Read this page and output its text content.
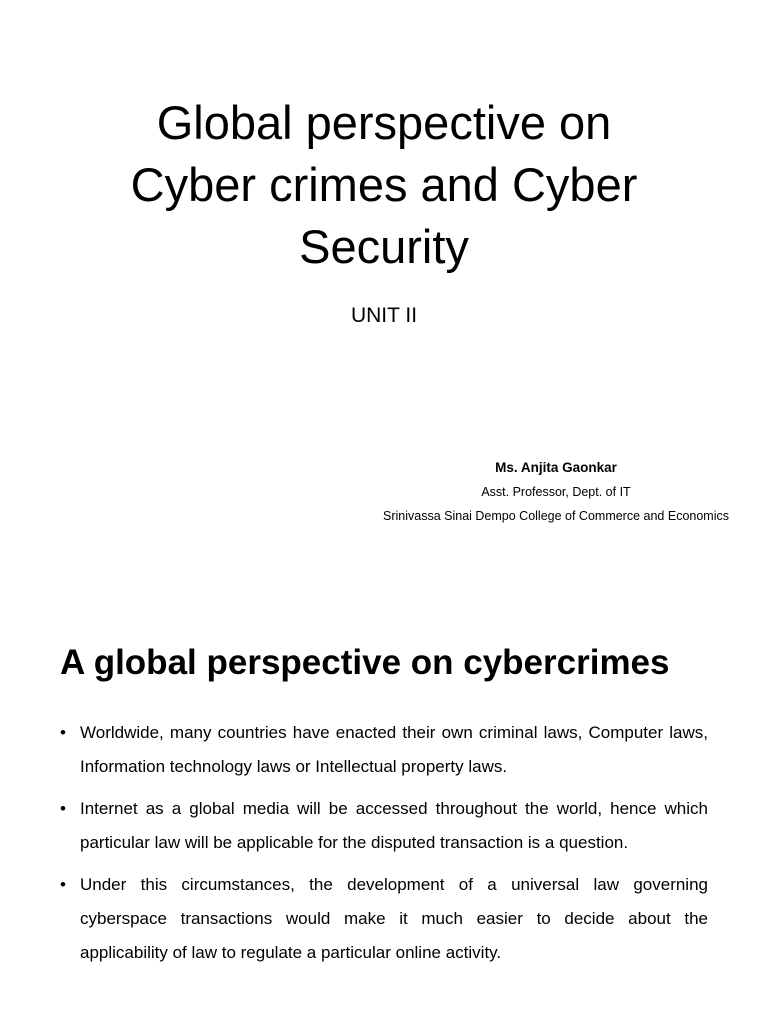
Global perspective on
Cyber crimes and Cyber
Security
UNIT II
Ms. Anjita Gaonkar
Asst. Professor, Dept. of IT
Srinivassa Sinai Dempo College of Commerce and Economics
A global perspective on cybercrimes
• Worldwide, many countries have enacted their own criminal laws, Computer laws, Information technology laws or Intellectual property laws.
• Internet as a global media will be accessed throughout the world, hence which particular law will be applicable for the disputed transaction is a question.
• Under this circumstances, the development of a universal law governing cyberspace transactions would make it much easier to decide about the applicability of law to regulate a particular online activity.
